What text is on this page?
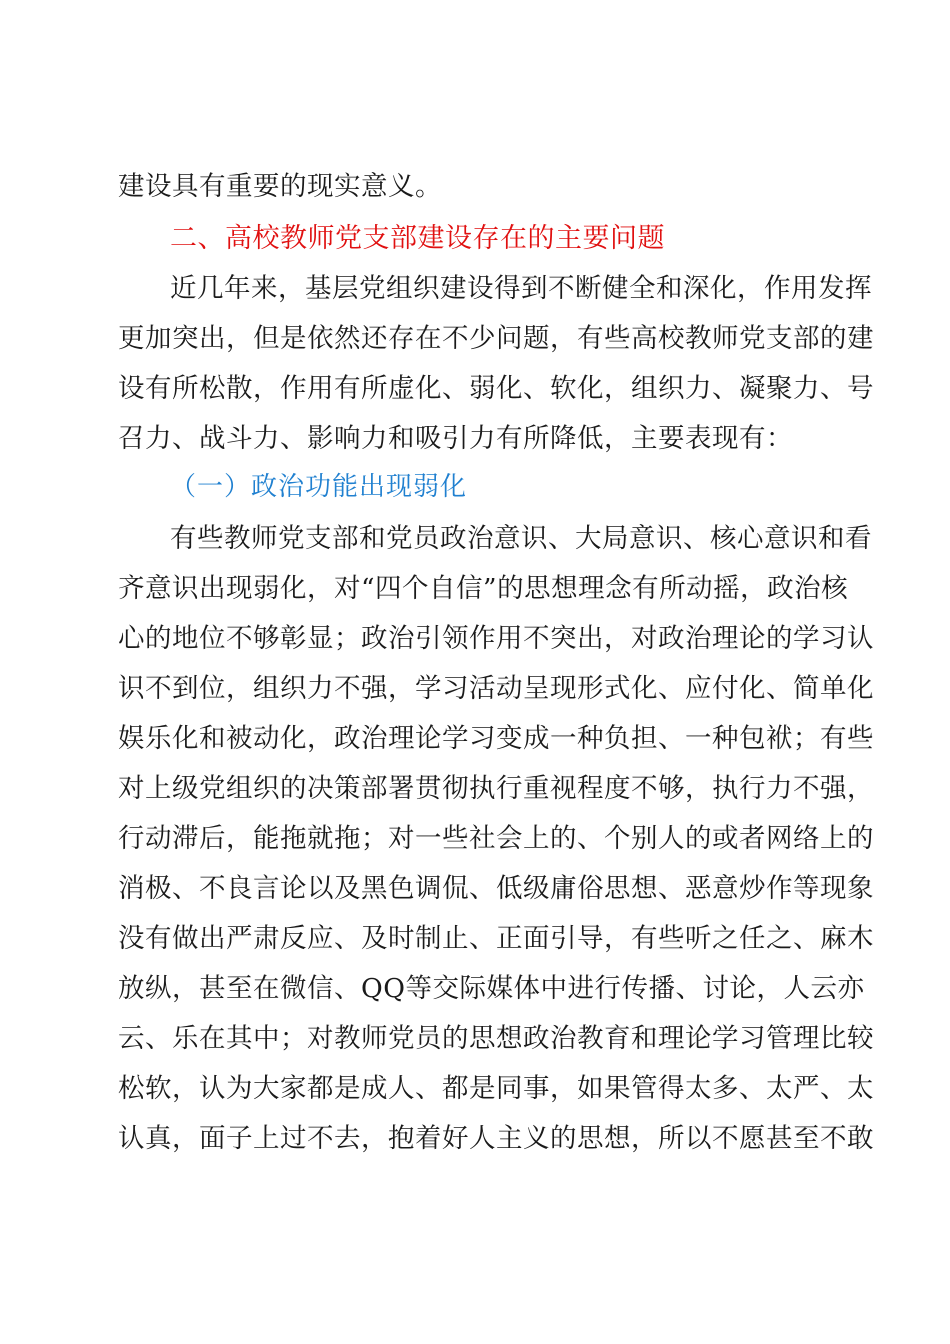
建设具有重要的现实意义。
二、高校教师党支部建设存在的主要问题
近几年来，基层党组织建设得到不断健全和深化，作用发挥
更加突出，但是依然还存在不少问题，有些高校教师党支部的建
设有所松散，作用有所虚化、弱化、软化，组织力、凝聚力、号
召力、战斗力、影响力和吸引力有所降低，主要表现有：
（一）政治功能出现弱化
有些教师党支部和党员政治意识、大局意识、核心意识和看
齐意识出现弱化，对“四个自信”的思想理念有所动摇，政治核
心的地位不够彰显；政治引领作用不突出，对政治理论的学习认
识不到位，组织力不强，学习活动呈现形式化、应付化、简单化
娱乐化和被动化，政治理论学习变成一种负担、一种包袱；有些
对上级党组织的决策部署贯彻执行重视程度不够，执行力不强，
行动滞后，能拖就拖；对一些社会上的、个别人的或者网络上的
消极、不良言论以及黑色调侃、低级庸俗思想、恶意炒作等现象
没有做出严肃反应、及时制止、正面引导，有些听之任之、麻木
放纵，甚至在微信、QQ等交际媒体中进行传播、讨论，人云亦
云、乐在其中；对教师党员的思想政治教育和理论学习管理比较
松软，认为大家都是成人、都是同事，如果管得太多、太严、太
认真，面子上过不去，抱着好人主义的思想，所以不愿甚至不敢
